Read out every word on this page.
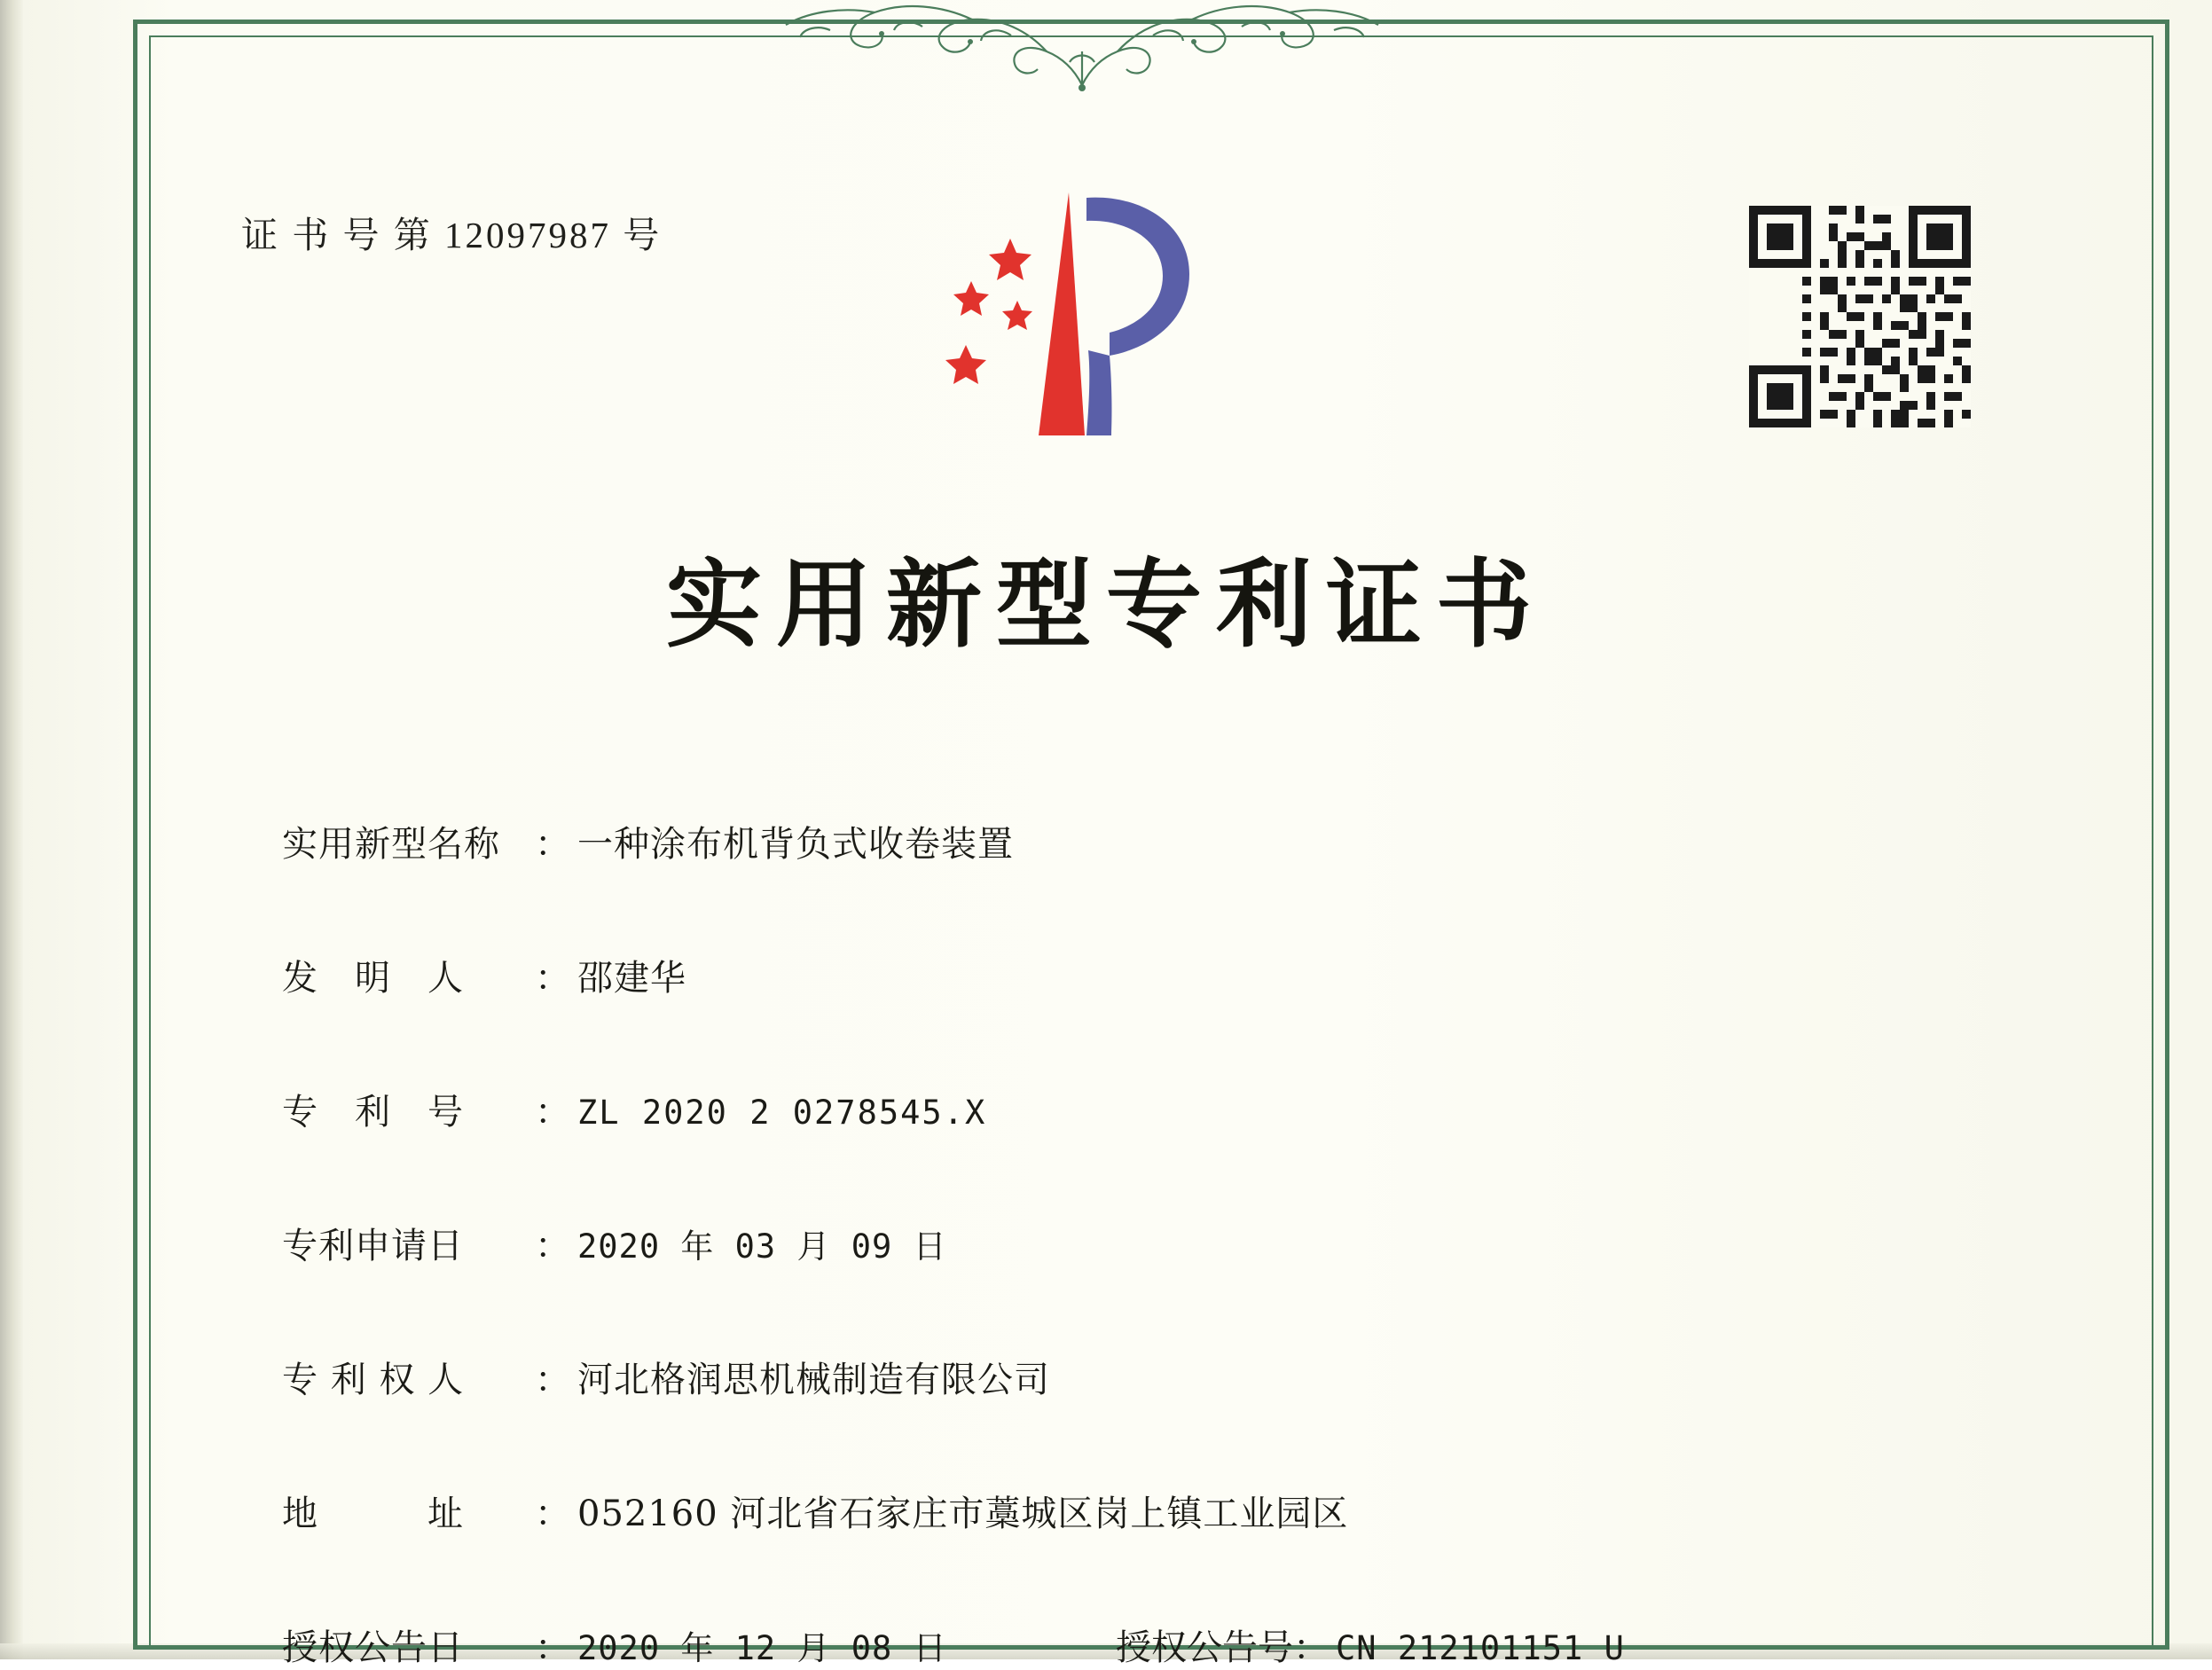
证 书 号 第 12097987 号
实用新型专利证书
实用新型名称 ： 一种涂布机背负式收卷装置
发　明　人	： 邵建华
专　利　号	： ZL 2020 2 0278545.X
专利申请日	： 2020 年 03 月 09 日
专 利 权 人	： 河北格润思机械制造有限公司
地　　　址	： 052160 河北省石家庄市藁城区岗上镇工业园区
授权公告日	： 2020 年 12 月 08 日	授权公告号： CN 212101151 U
